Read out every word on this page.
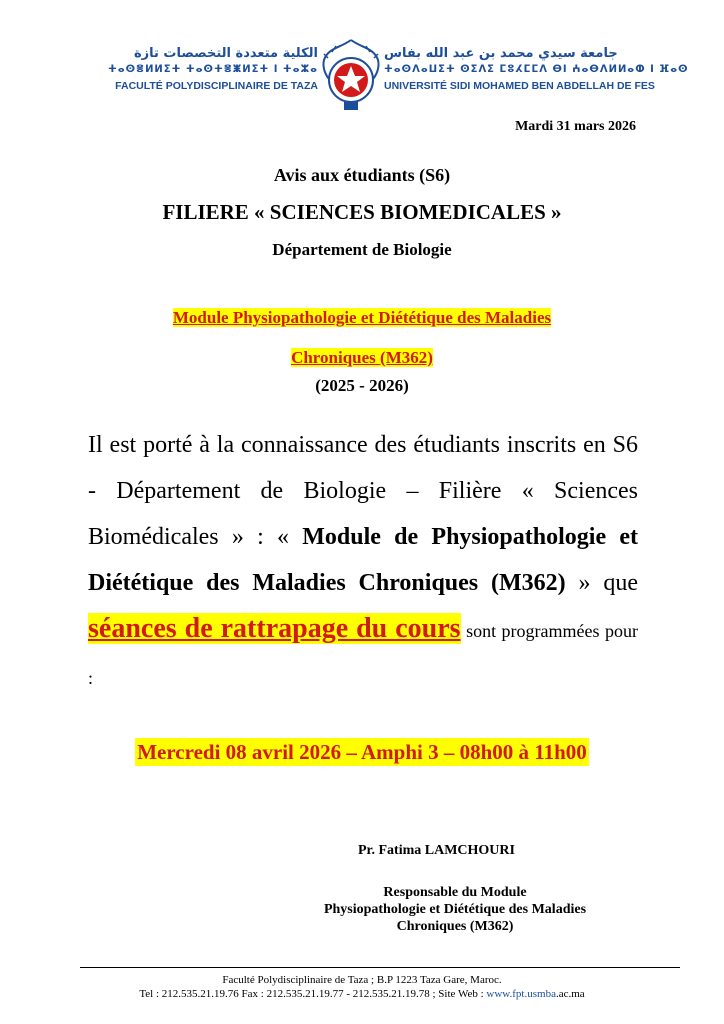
الكلية متعددة التخصصات تازة
ⵜⴰⵙⴻⵍⵍⵉⵜ ⵜⴰⵙⵜⴻⵥⵍⵉⵜ ⵏ ⵜⴰⵣⴰ
FACULTÉ POLYDISCIPLINAIRE DE TAZA
جامعة سيدي محمد بن عبد الله بفاس
ⵜⴰⵙⴷⴰⵡⵉⵜ ⵙⵉⴷⵉ ⵎⵓⵃⵎⵎⴷ ⴱⵏ ⵄⴰⴱⴷⵍⵍⴰⵀ ⵏ ⴼⴰⵙ
UNIVERSITÉ SIDI MOHAMED BEN ABDELLAH DE FES
Mardi 31 mars 2026
Avis aux étudiants (S6)
FILIERE « SCIENCES BIOMEDICALES »
Département de Biologie
Module Physiopathologie et Diététique des Maladies
Chroniques (M362)
(2025 - 2026)
Il est porté à la connaissance des étudiants inscrits en S6 - Département de Biologie – Filière « Sciences Biomédicales » : « Module de Physiopathologie et Diététique des Maladies Chroniques (M362) » que séances de rattrapage du cours sont programmées pour :
Mercredi 08 avril 2026 – Amphi 3 – 08h00 à 11h00
Pr. Fatima LAMCHOURI
Responsable du Module
Physiopathologie et Diététique des Maladies
Chroniques (M362)
Faculté Polydisciplinaire de Taza ; B.P 1223 Taza Gare, Maroc.
Tel : 212.535.21.19.76 Fax : 212.535.21.19.77 - 212.535.21.19.78 ; Site Web : www.fpt.usmba.ac.ma
